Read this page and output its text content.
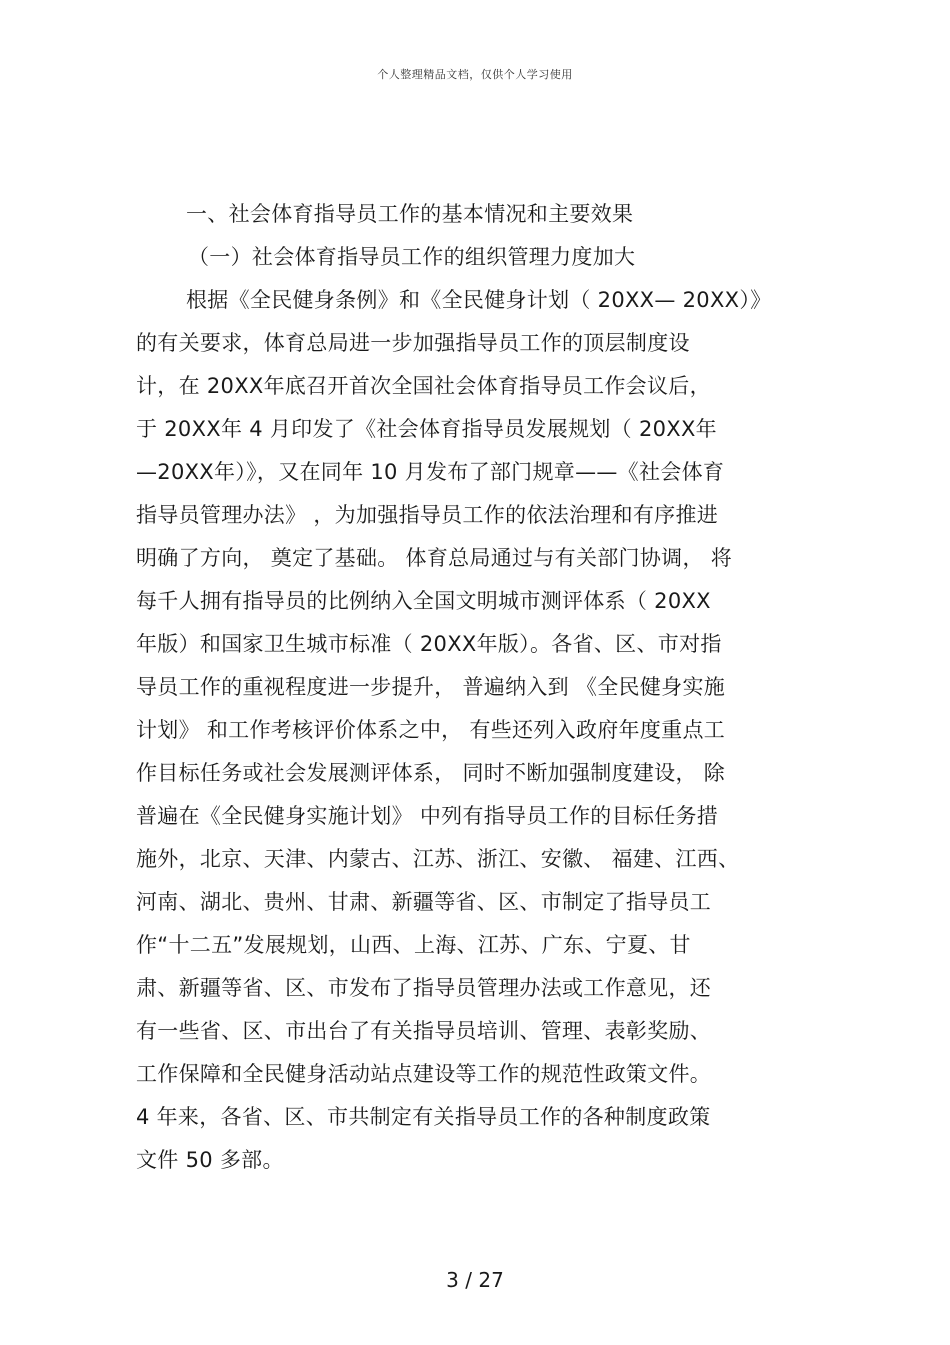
个人整理精品文档，仅供个人学习使用
一、社会体育指导员工作的基本情况和主要效果
（一）社会体育指导员工作的组织管理力度加大
根据《全民健身条例》和《全民健身计划（ 20XX— 20XX）》
的有关要求，体育总局进一步加强指导员工作的顶层制度设
计，在 20XX年底召开首次全国社会体育指导员工作会议后，
于 20XX年 4 月印发了《社会体育指导员发展规划（ 20XX年
—20XX年）》，又在同年 10 月发布了部门规章——《社会体育
指导员管理办法》 ，为加强指导员工作的依法治理和有序推进
明确了方向， 奠定了基础。 体育总局通过与有关部门协调， 将
每千人拥有指导员的比例纳入全国文明城市测评体系（ 20XX
年版）和国家卫生城市标准（ 20XX年版）。各省、区、市对指
导员工作的重视程度进一步提升， 普遍纳入到 《全民健身实施
计划》 和工作考核评价体系之中， 有些还列入政府年度重点工
作目标任务或社会发展测评体系， 同时不断加强制度建设， 除
普遍在《全民健身实施计划》 中列有指导员工作的目标任务措
施外，北京、天津、内蒙古、江苏、浙江、安徽、 福建、江西、
河南、湖北、贵州、甘肃、新疆等省、区、市制定了指导员工
作“十二五”发展规划，山西、上海、江苏、广东、宁夏、甘
肃、新疆等省、区、市发布了指导员管理办法或工作意见，还
有一些省、区、市出台了有关指导员培训、管理、表彰奖励、
工作保障和全民健身活动站点建设等工作的规范性政策文件。
4 年来，各省、区、市共制定有关指导员工作的各种制度政策
文件 50 多部。
3 / 27
